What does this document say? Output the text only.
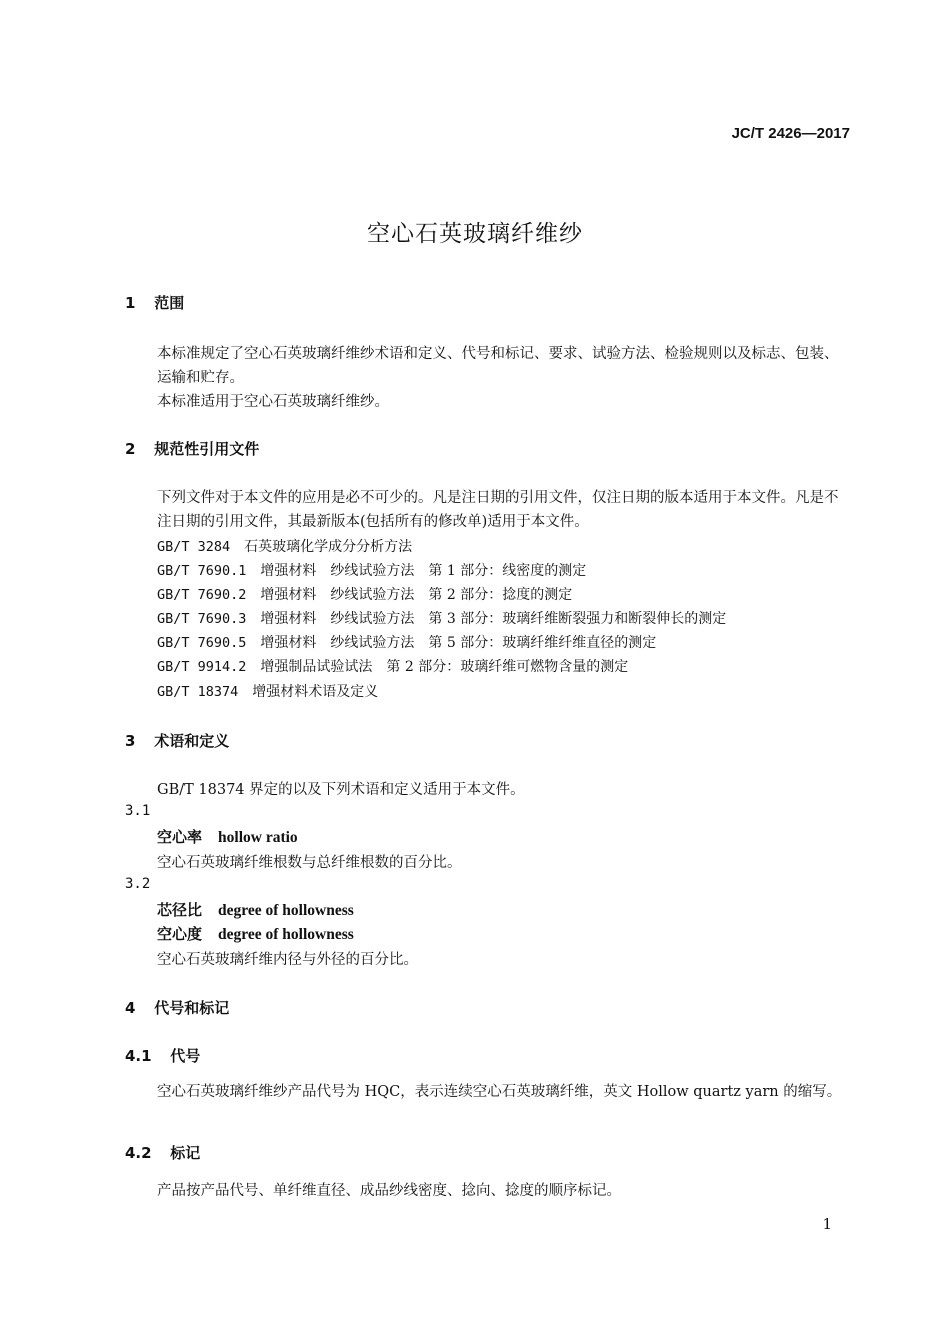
JC/T 2426—2017
空心石英玻璃纤维纱
1 范围
本标准规定了空心石英玻璃纤维纱术语和定义、代号和标记、要求、试验方法、检验规则以及标志、包装、运输和贮存。
本标准适用于空心石英玻璃纤维纱。
2 规范性引用文件
下列文件对于本文件的应用是必不可少的。凡是注日期的引用文件，仅注日期的版本适用于本文件。凡是不注日期的引用文件，其最新版本(包括所有的修改单)适用于本文件。
GB/T 3284  石英玻璃化学成分分析方法
GB/T 7690.1  增强材料　纱线试验方法　第 1 部分：线密度的测定
GB/T 7690.2  增强材料　纱线试验方法　第 2 部分：捻度的测定
GB/T 7690.3  增强材料　纱线试验方法　第 3 部分：玻璃纤维断裂强力和断裂伸长的测定
GB/T 7690.5  增强材料　纱线试验方法　第 5 部分：玻璃纤维纤维直径的测定
GB/T 9914.2  增强制品试验试法　第 2 部分：玻璃纤维可燃物含量的测定
GB/T 18374  增强材料术语及定义
3 术语和定义
GB/T 18374 界定的以及下列术语和定义适用于本文件。
3.1
空心率 hollow ratio
空心石英玻璃纤维根数与总纤维根数的百分比。
3.2
芯径比 degree of hollowness
空心度 degree of hollowness
空心石英玻璃纤维内径与外径的百分比。
4 代号和标记
4.1 代号
空心石英玻璃纤维纱产品代号为 HQC，表示连续空心石英玻璃纤维，英文 Hollow quartz yarn 的缩写。
4.2 标记
产品按产品代号、单纤维直径、成品纱线密度、捻向、捻度的顺序标记。
1
